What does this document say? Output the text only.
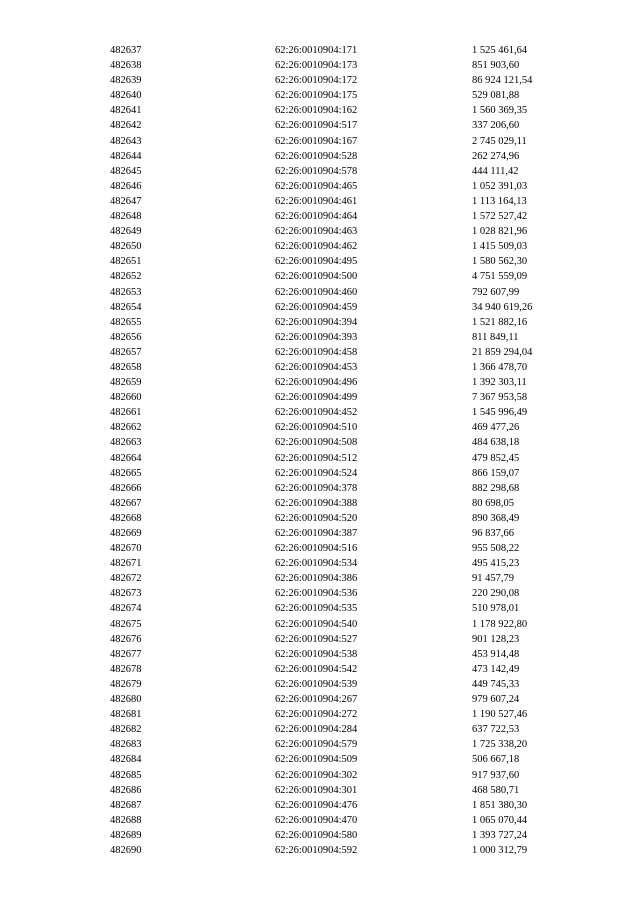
482637	62:26:0010904:171	1 525 461,64
482638	62:26:0010904:173	851 903,60
482639	62:26:0010904:172	86 924 121,54
482640	62:26:0010904:175	529 081,88
482641	62:26:0010904:162	1 560 369,35
482642	62:26:0010904:517	337 206,60
482643	62:26:0010904:167	2 745 029,11
482644	62:26:0010904:528	262 274,96
482645	62:26:0010904:578	444 111,42
482646	62:26:0010904:465	1 052 391,03
482647	62:26:0010904:461	1 113 164,13
482648	62:26:0010904:464	1 572 527,42
482649	62:26:0010904:463	1 028 821,96
482650	62:26:0010904:462	1 415 509,03
482651	62:26:0010904:495	1 580 562,30
482652	62:26:0010904:500	4 751 559,09
482653	62:26:0010904:460	792 607,99
482654	62:26:0010904:459	34 940 619,26
482655	62:26:0010904:394	1 521 882,16
482656	62:26:0010904:393	811 849,11
482657	62:26:0010904:458	21 859 294,04
482658	62:26:0010904:453	1 366 478,70
482659	62:26:0010904:496	1 392 303,11
482660	62:26:0010904:499	7 367 953,58
482661	62:26:0010904:452	1 545 996,49
482662	62:26:0010904:510	469 477,26
482663	62:26:0010904:508	484 638,18
482664	62:26:0010904:512	479 852,45
482665	62:26:0010904:524	866 159,07
482666	62:26:0010904:378	882 298,68
482667	62:26:0010904:388	80 698,05
482668	62:26:0010904:520	890 368,49
482669	62:26:0010904:387	96 837,66
482670	62:26:0010904:516	955 508,22
482671	62:26:0010904:534	495 415,23
482672	62:26:0010904:386	91 457,79
482673	62:26:0010904:536	220 290,08
482674	62:26:0010904:535	510 978,01
482675	62:26:0010904:540	1 178 922,80
482676	62:26:0010904:527	901 128,23
482677	62:26:0010904:538	453 914,48
482678	62:26:0010904:542	473 142,49
482679	62:26:0010904:539	449 745,33
482680	62:26:0010904:267	979 607,24
482681	62:26:0010904:272	1 190 527,46
482682	62:26:0010904:284	637 722,53
482683	62:26:0010904:579	1 725 338,20
482684	62:26:0010904:509	506 667,18
482685	62:26:0010904:302	917 937,60
482686	62:26:0010904:301	468 580,71
482687	62:26:0010904:476	1 851 380,30
482688	62:26:0010904:470	1 065 070,44
482689	62:26:0010904:580	1 393 727,24
482690	62:26:0010904:592	1 000 312,79
